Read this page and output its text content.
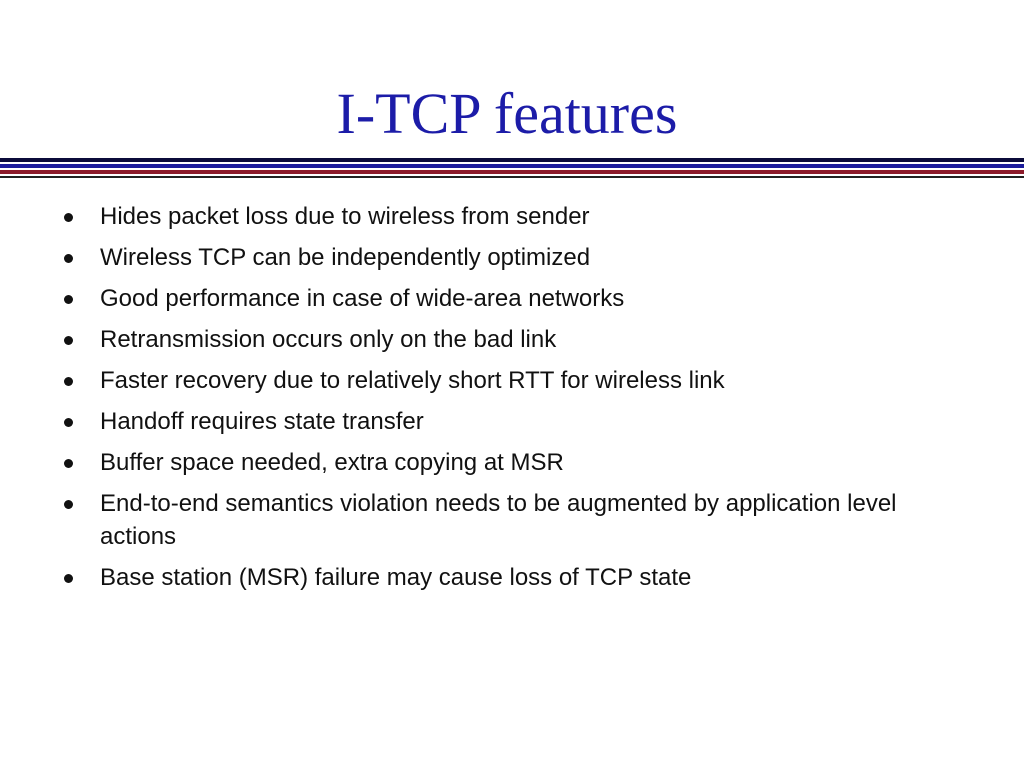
I-TCP features
Hides packet loss due to wireless from sender
Wireless TCP can be independently optimized
Good performance in case of wide-area networks
Retransmission occurs only on the bad link
Faster recovery due to relatively short RTT for wireless link
Handoff requires state transfer
Buffer space needed, extra copying at MSR
End-to-end semantics violation needs to be augmented by application level actions
Base station (MSR) failure may cause loss of TCP state
